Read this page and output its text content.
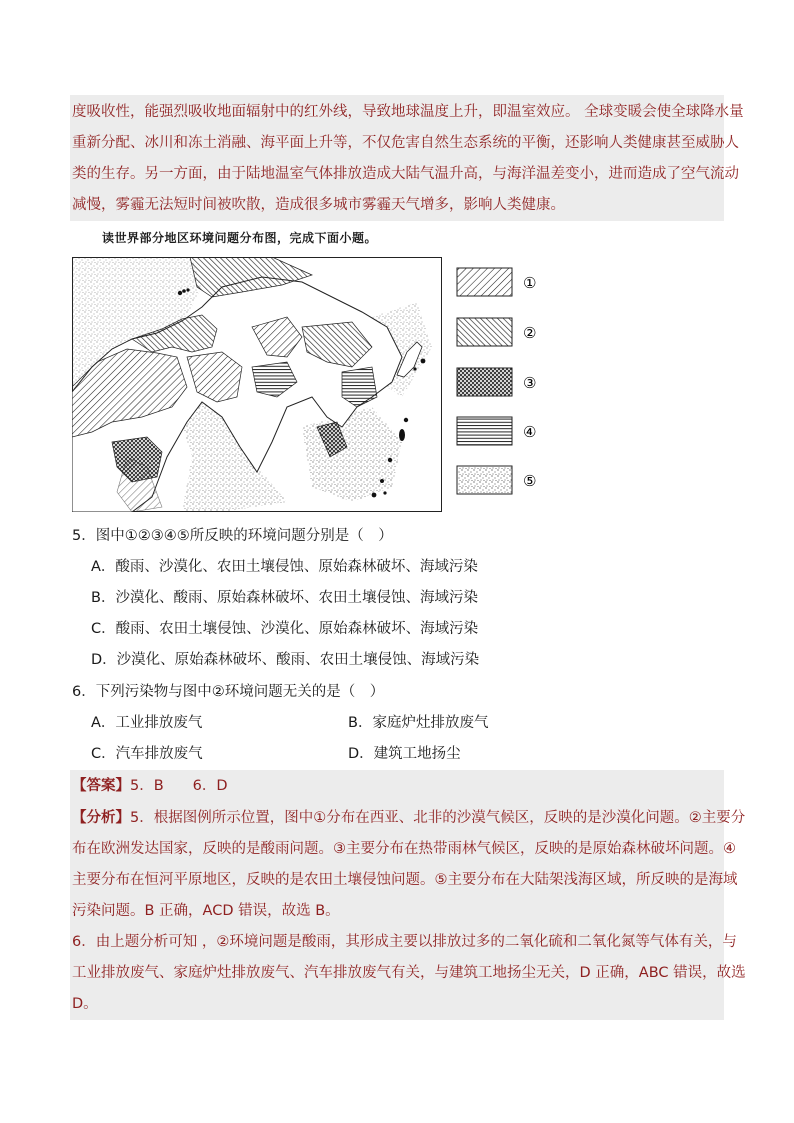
度吸收性，能强烈吸收地面辐射中的红外线，导致地球温度上升，即温室效应。 全球变暖会使全球降水量
重新分配、冰川和冻土消融、海平面上升等，不仅危害自然生态系统的平衡，还影响人类健康甚至威胁人
类的生存。另一方面，由于陆地温室气体排放造成大陆气温升高，与海洋温差变小，进而造成了空气流动
减慢，雾霾无法短时间被吹散，造成很多城市雾霾天气增多，影响人类健康。
读世界部分地区环境问题分布图，完成下面小题。
①
②
③
④
⑤
5．图中①②③④⑤所反映的环境问题分别是（　）
A．酸雨、沙漠化、农田土壤侵蚀、原始森林破坏、海域污染
B．沙漠化、酸雨、原始森林破坏、农田土壤侵蚀、海域污染
C．酸雨、农田土壤侵蚀、沙漠化、原始森林破坏、海域污染
D．沙漠化、原始森林破坏、酸雨、农田土壤侵蚀、海域污染
6．下列污染物与图中②环境问题无关的是（　）
A．工业排放废气	B．家庭炉灶排放废气
C．汽车排放废气	D．建筑工地扬尘
【答案】5．B　　6．D
【分析】5．根据图例所示位置，图中①分布在西亚、北非的沙漠气候区，反映的是沙漠化问题。②主要分
布在欧洲发达国家，反映的是酸雨问题。③主要分布在热带雨林气候区，反映的是原始森林破坏问题。④
主要分布在恒河平原地区，反映的是农田土壤侵蚀问题。⑤主要分布在大陆架浅海区域，所反映的是海域
污染问题。B 正确，ACD 错误，故选 B。
6．由上题分析可知 ，②环境问题是酸雨，其形成主要以排放过多的二氧化硫和二氧化氮等气体有关，与
工业排放废气、家庭炉灶排放废气、汽车排放废气有关，与建筑工地扬尘无关，D 正确，ABC 错误，故选
D。
